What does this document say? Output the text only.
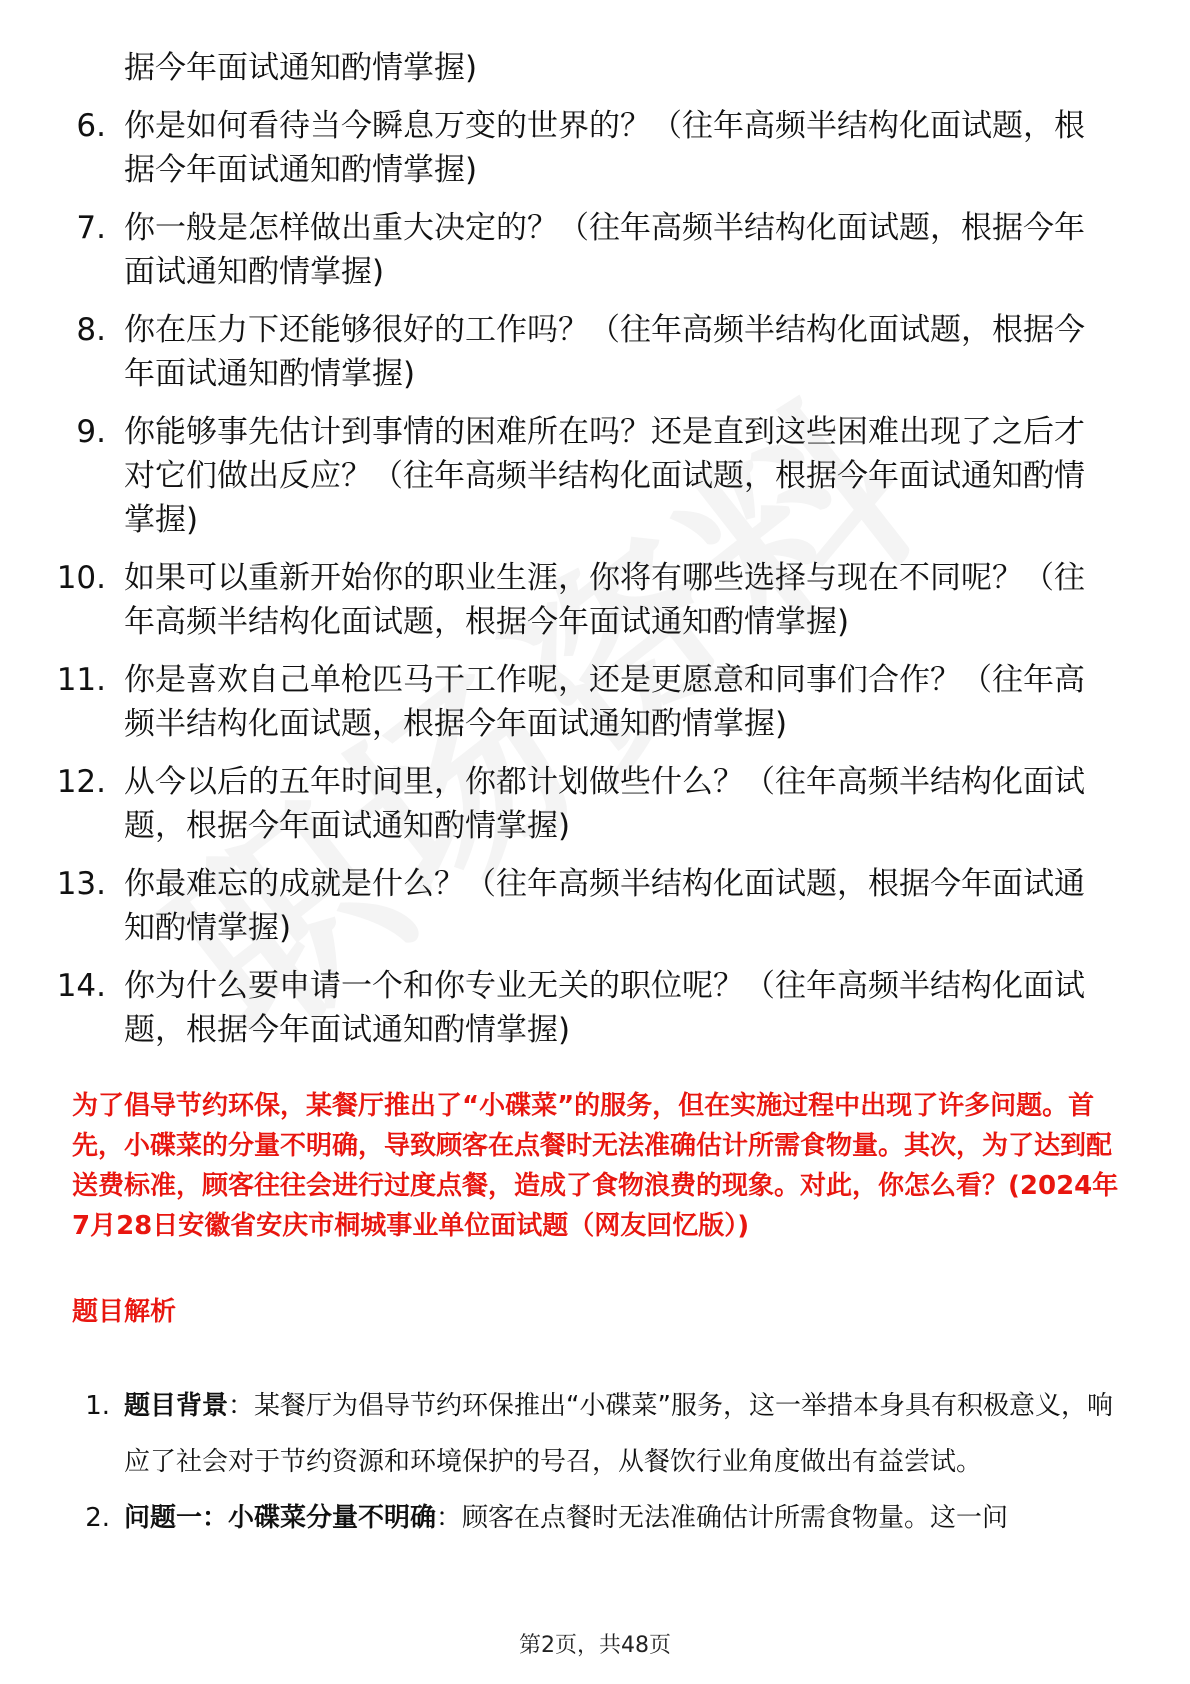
据今年面试通知酌情掌握)
6. 你是如何看待当今瞬息万变的世界的？（往年高频半结构化面试题，根据今年面试通知酌情掌握)
7. 你一般是怎样做出重大决定的？（往年高频半结构化面试题，根据今年面试通知酌情掌握)
8. 你在压力下还能够很好的工作吗？（往年高频半结构化面试题，根据今年面试通知酌情掌握)
9. 你能够事先估计到事情的困难所在吗？还是直到这些困难出现了之后才对它们做出反应？（往年高频半结构化面试题，根据今年面试通知酌情掌握)
10. 如果可以重新开始你的职业生涯，你将有哪些选择与现在不同呢？（往年高频半结构化面试题，根据今年面试通知酌情掌握)
11. 你是喜欢自己单枪匹马干工作呢，还是更愿意和同事们合作？（往年高频半结构化面试题，根据今年面试通知酌情掌握)
12. 从今以后的五年时间里，你都计划做些什么？（往年高频半结构化面试题，根据今年面试通知酌情掌握)
13. 你最难忘的成就是什么？（往年高频半结构化面试题，根据今年面试通知酌情掌握)
14. 你为什么要申请一个和你专业无关的职位呢？（往年高频半结构化面试题，根据今年面试通知酌情掌握)
为了倡导节约环保，某餐厅推出了“小碟菜”的服务，但在实施过程中出现了许多问题。首先，小碟菜的分量不明确，导致顾客在点餐时无法准确估计所需食物量。其次，为了达到配送费标准，顾客往往会进行过度点餐，造成了食物浪费的现象。对此，你怎么看？(2024年7月28日安徽省安庆市桐城事业单位面试题（网友回忆版）)
题目解析
1. 题目背景：某餐厅为倡导节约环保推出“小碟菜”服务，这一举措本身具有积极意义，响应了社会对于节约资源和环境保护的号召，从餐饮行业角度做出有益尝试。
2. 问题一：小碟菜分量不明确：顾客在点餐时无法准确估计所需食物量。这一问
第2页，共48页
